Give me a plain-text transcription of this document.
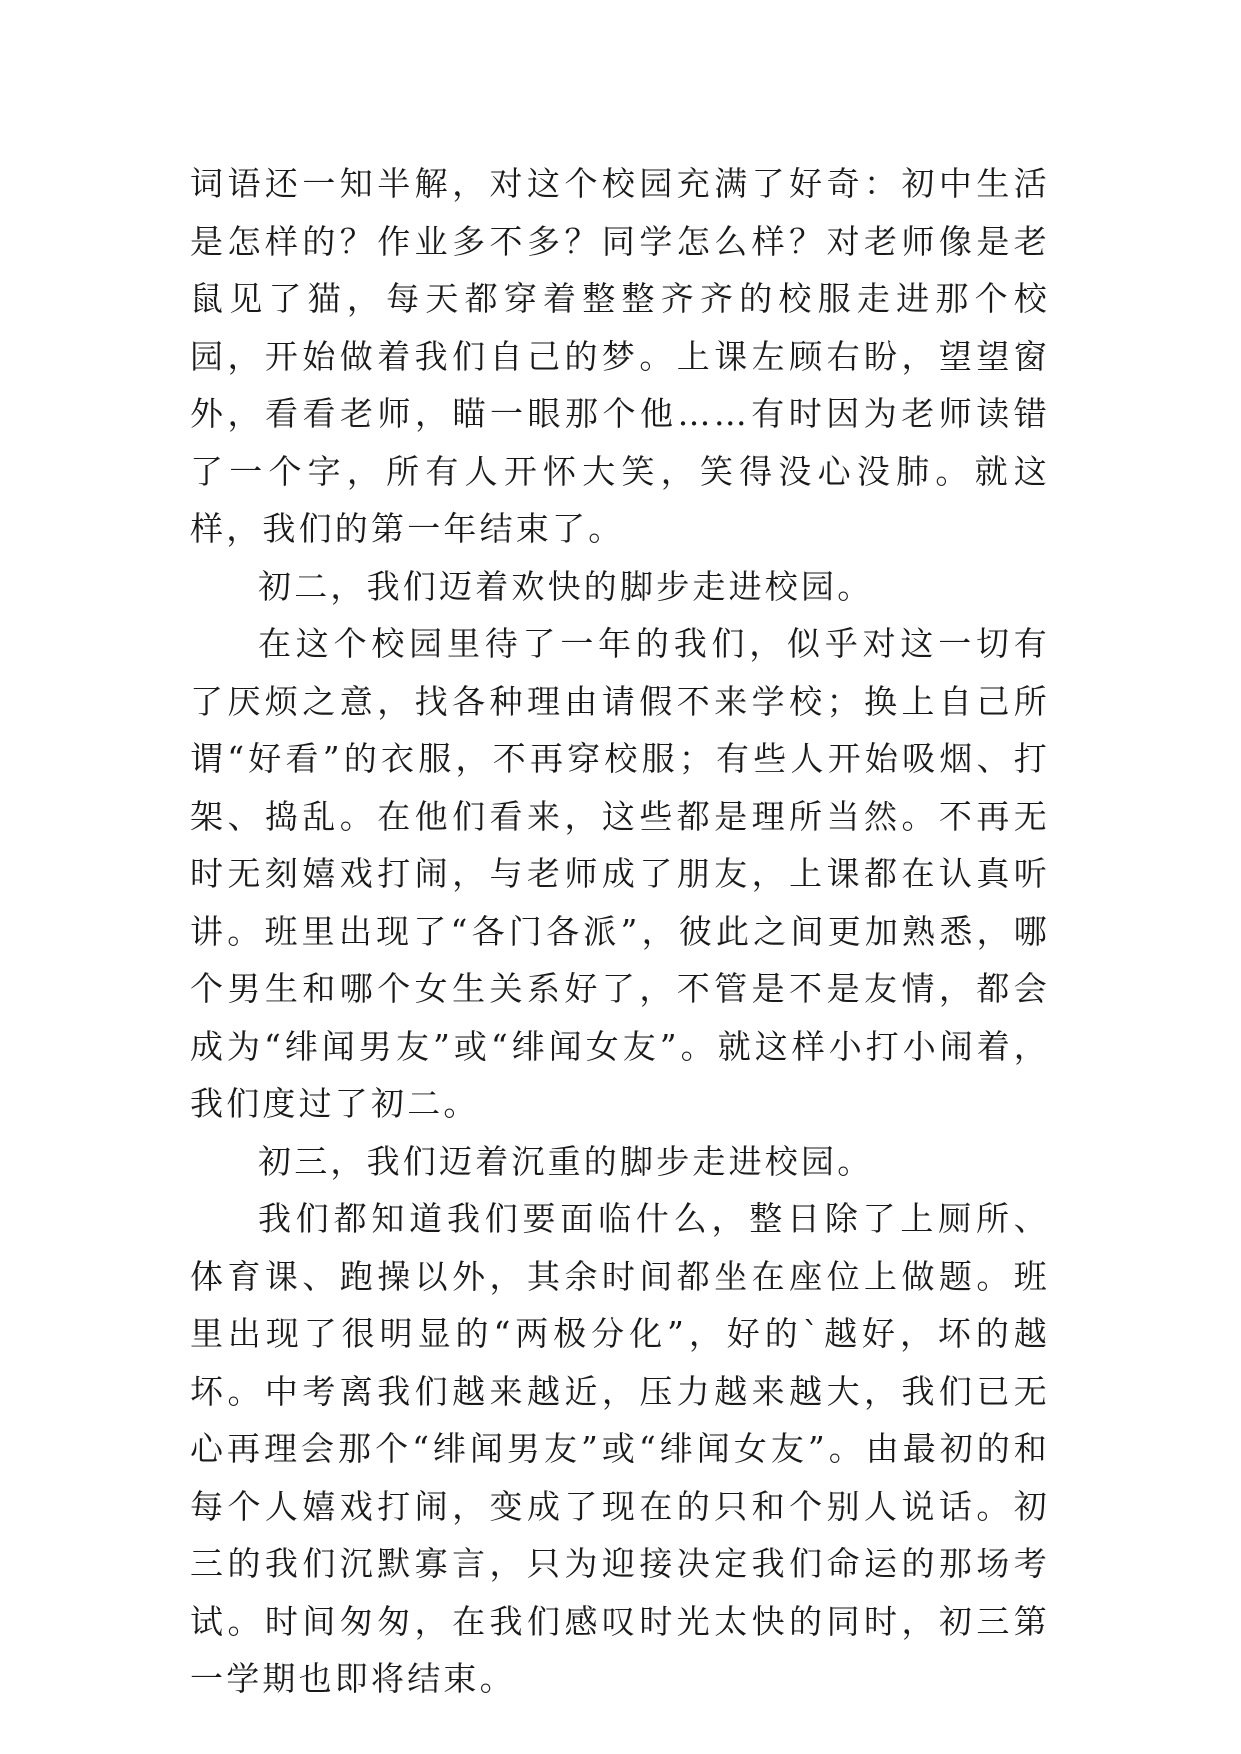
词语还一知半解，对这个校园充满了好奇：初中生活是怎样的？作业多不多？同学怎么样？对老师像是老鼠见了猫，每天都穿着整整齐齐的校服走进那个校园，开始做着我们自己的梦。上课左顾右盼，望望窗外，看看老师，瞄一眼那个他……有时因为老师读错了一个字，所有人开怀大笑，笑得没心没肺。就这样，我们的第一年结束了。

初二，我们迈着欢快的脚步走进校园。

在这个校园里待了一年的我们，似乎对这一切有了厌烦之意，找各种理由请假不来学校；换上自己所谓“好看”的衣服，不再穿校服；有些人开始吸烟、打架、捣乱。在他们看来，这些都是理所当然。不再无时无刻嬉戏打闹，与老师成了朋友，上课都在认真听讲。班里出现了“各门各派”，彼此之间更加熟悉，哪个男生和哪个女生关系好了，不管是不是友情，都会成为“绯闻男友”或“绯闻女友”。就这样小打小闹着，我们度过了初二。

初三，我们迈着沉重的脚步走进校园。

我们都知道我们要面临什么，整日除了上厕所、体育课、跑操以外，其余时间都坐在座位上做题。班里出现了很明显的“两极分化”，好的`越好，坏的越坏。中考离我们越来越近，压力越来越大，我们已无心再理会那个“绯闻男友”或“绯闻女友”。由最初的和每个人嬉戏打闹，变成了现在的只和个别人说话。初三的我们沉默寡言，只为迎接决定我们命运的那场考试。时间匆匆，在我们感叹时光太快的同时，初三第一学期也即将结束。
